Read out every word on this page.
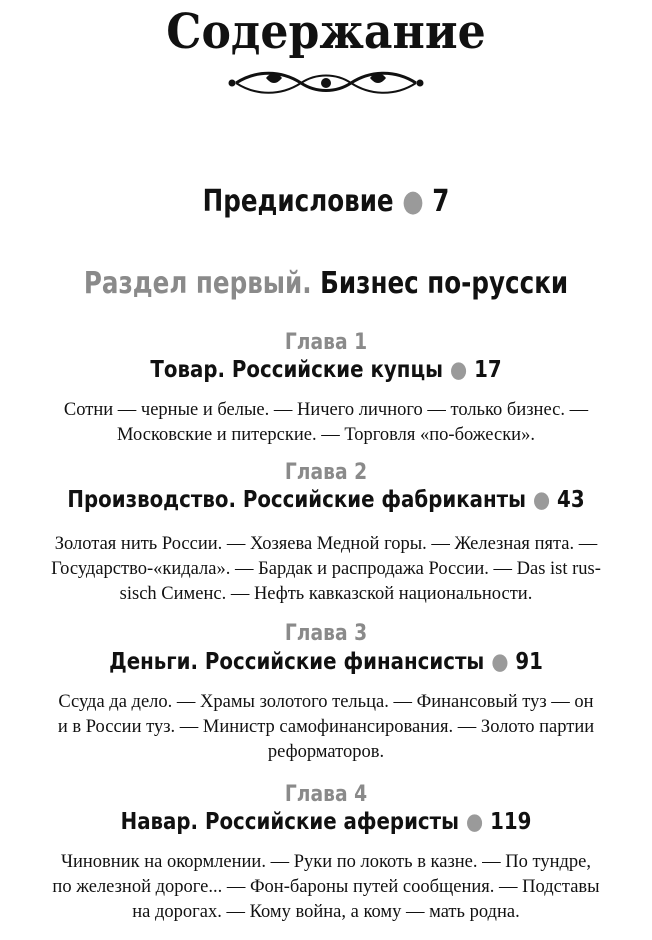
Содержание
Предисловие ● 7
Раздел первый. Бизнес по-русски
Глава 1
Товар. Российские купцы ● 17
Сотни — черные и белые. — Ничего личного — только бизнес. —
Московские и питерские. — Торговля «по-божески».
Глава 2
Производство. Российские фабриканты ● 43
Золотая нить России. — Хозяева Медной горы. — Железная пята. —
Государство-«кидала». — Бардак и распродажа России. — Das ist rus-
sisch Сименс. — Нефть кавказской национальности.
Глава 3
Деньги. Российские финансисты ● 91
Ссуда да дело. — Храмы золотого тельца. — Финансовый туз — он
и в России туз. — Министр самофинансирования. — Золото партии
реформаторов.
Глава 4
Навар. Российские аферисты ● 119
Чиновник на окормлении. — Руки по локоть в казне. — По тундре,
по железной дороге... — Фон-бароны путей сообщения. — Подставы
на дорогах. — Кому война, а кому — мать родна.
